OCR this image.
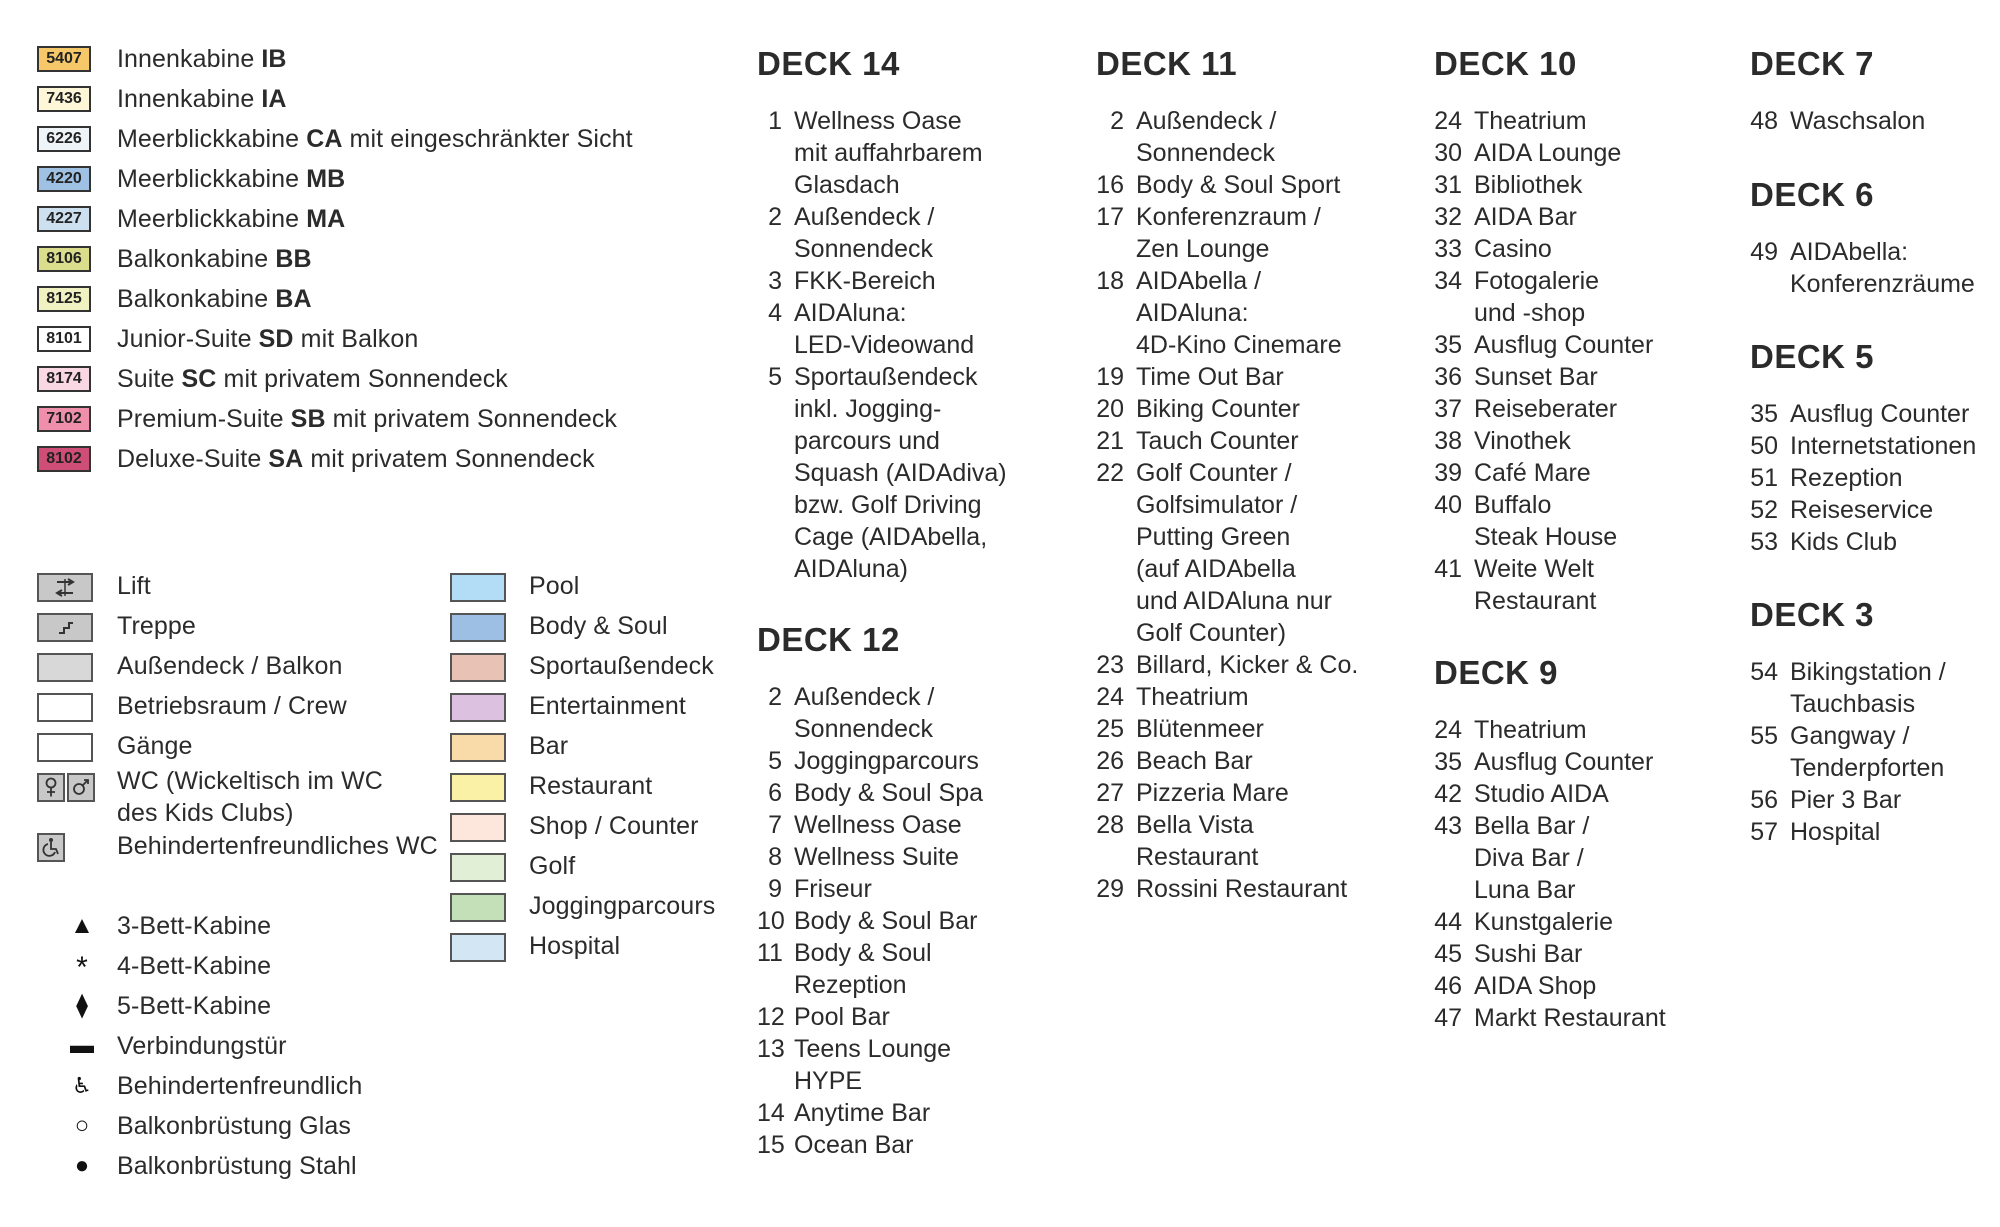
5407	Innenkabine IB
7436	Innenkabine IA
6226	Meerblickkabine CA mit eingeschränkter Sicht
4220	Meerblickkabine MB
4227	Meerblickkabine MA
8106	Balkonkabine BB
8125	Balkonkabine BA
8101	Junior-Suite SD mit Balkon
8174	Suite SC mit privatem Sonnendeck
7102	Premium-Suite SB mit privatem Sonnendeck
8102	Deluxe-Suite SA mit privatem Sonnendeck
Lift
Treppe
Außendeck / Balkon
Betriebsraum / Crew
Gänge
WC (Wickeltisch im WC
des Kids Clubs)
Behindertenfreundliches WC
Pool
Body & Soul
Sportaußendeck
Entertainment
Bar
Restaurant
Shop / Counter
Golf
Joggingparcours
Hospital
▲ 3-Bett-Kabine
*	4-Bett-Kabine
⧫	5-Bett-Kabine
▬ Verbindungstür
♿ Behindertenfreundlich
○	Balkonbrüstung Glas
●	Balkonbrüstung Stahl
DECK 14
1 Wellness Oase
mit auffahrbarem
Glasdach
2 Außendeck /
Sonnendeck
3 FKK-Bereich
4 AIDAluna:
LED-Videowand
5 Sportaußendeck
inkl. Jogging-
parcours und
Squash (AIDAdiva)
bzw. Golf Driving
Cage (AIDAbella,
AIDAluna)
DECK 12
2 Außendeck /
Sonnendeck
5 Joggingparcours
6 Body & Soul Spa
7 Wellness Oase
8 Wellness Suite
9 Friseur
10 Body & Soul Bar
11 Body & Soul
Rezeption
12 Pool Bar
13 Teens Lounge
HYPE
14 Anytime Bar
15 Ocean Bar
DECK 11
2 Außendeck /
Sonnendeck
16 Body & Soul Sport
17 Konferenzraum /
Zen Lounge
18 AIDAbella /
AIDAluna:
4D-Kino Cinemare
19 Time Out Bar
20 Biking Counter
21 Tauch Counter
22 Golf Counter /
Golfsimulator /
Putting Green
(auf AIDAbella
und AIDAluna nur
Golf Counter)
23 Billard, Kicker & Co.
24 Theatrium
25 Blütenmeer
26 Beach Bar
27 Pizzeria Mare
28 Bella Vista
Restaurant
29 Rossini Restaurant
DECK 10
24 Theatrium
30 AIDA Lounge
31 Bibliothek
32 AIDA Bar
33 Casino
34 Fotogalerie
und -shop
35 Ausflug Counter
36 Sunset Bar
37 Reiseberater
38 Vinothek
39 Café Mare
40 Buffalo
Steak House
41 Weite Welt
Restaurant
DECK 9
24 Theatrium
35 Ausflug Counter
42 Studio AIDA
43 Bella Bar /
Diva Bar /
Luna Bar
44 Kunstgalerie
45 Sushi Bar
46 AIDA Shop
47 Markt Restaurant
DECK 7
48 Waschsalon
DECK 6
49 AIDAbella:
Konferenzräume
DECK 5
35 Ausflug Counter
50 Internetstationen
51 Rezeption
52 Reiseservice
53 Kids Club
DECK 3
54 Bikingstation /
Tauchbasis
55 Gangway /
Tenderpforten
56 Pier 3 Bar
57 Hospital
